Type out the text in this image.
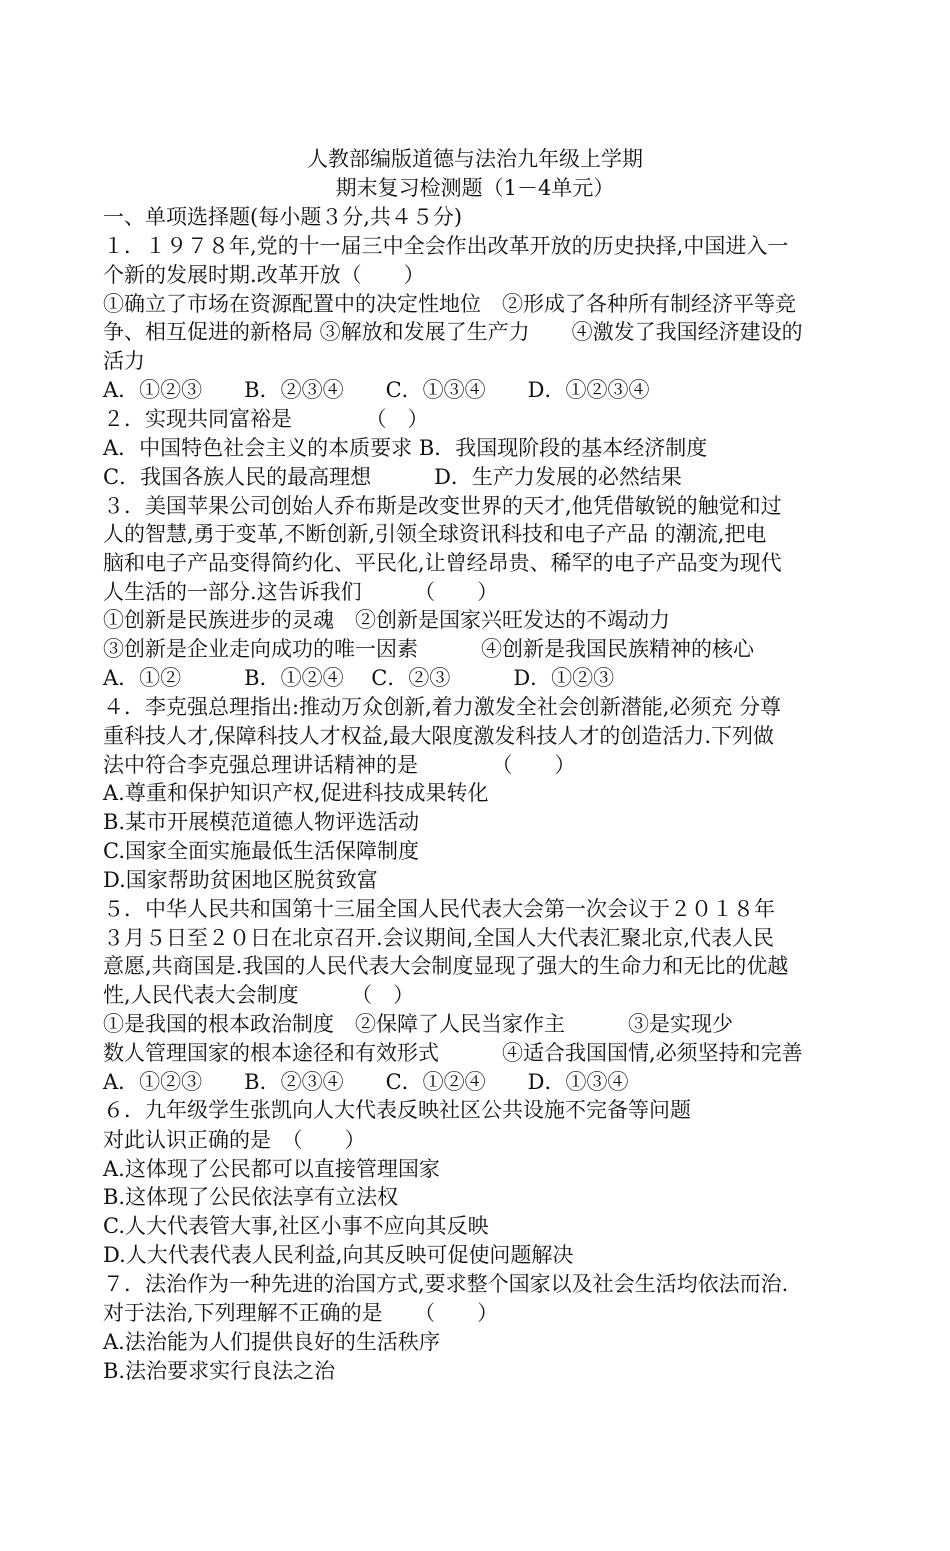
人教部编版道德与法治九年级上学期
期末复习检测题（1－4单元）
一、单项选择题(每小题３分,共４５分)
１．１９７８年,党的十一届三中全会作出改革开放的历史抉择,中国进入一
个新的发展时期.改革开放（　　）
①确立了市场在资源配置中的决定性地位　②形成了各种所有制经济平等竞
争、相互促进的新格局 ③解放和发展了生产力　　④激发了我国经济建设的
活力
A．①②③　　B．②③④　　C．①③④　　D．①②③④
２．实现共同富裕是　　　　（　）
A．中国特色社会主义的本质要求 B．我国现阶段的基本经济制度
C．我国各族人民的最高理想　　　D．生产力发展的必然结果
３．美国苹果公司创始人乔布斯是改变世界的天才,他凭借敏锐的触觉和过
人的智慧,勇于变革,不断创新,引领全球资讯科技和电子产品 的潮流,把电
脑和电子产品变得简约化、平民化,让曾经昂贵、稀罕的电子产品变为现代
人生活的一部分.这告诉我们　　　（　　）
①创新是民族进步的灵魂　②创新是国家兴旺发达的不竭动力
③创新是企业走向成功的唯一因素　　　④创新是我国民族精神的核心
A．①②　　　B．①②④　 C．②③　　　D．①②③
４．李克强总理指出:推动万众创新,着力激发全社会创新潜能,必须充 分尊
重科技人才,保障科技人才权益,最大限度激发科技人才的创造活力.下列做
法中符合李克强总理讲话精神的是　　　　（　　）
A.尊重和保护知识产权,促进科技成果转化
B.某市开展模范道德人物评选活动
C.国家全面实施最低生活保障制度
D.国家帮助贫困地区脱贫致富
５．中华人民共和国第十三届全国人民代表大会第一次会议于２０１８年
３月５日至２０日在北京召开.会议期间,全国人大代表汇聚北京,代表人民
意愿,共商国是.我国的人民代表大会制度显现了强大的生命力和无比的优越
性,人民代表大会制度　　　（　）
①是我国的根本政治制度　②保障了人民当家作主　　　③是实现少
数人管理国家的根本途径和有效形式　　　④适合我国国情,必须坚持和完善
A．①②③　　B．②③④　　C．①②④　　D．①③④
６．九年级学生张凯向人大代表反映社区公共设施不完备等问题
对此认识正确的是　（　　）
A.这体现了公民都可以直接管理国家
B.这体现了公民依法享有立法权
C.人大代表管大事,社区小事不应向其反映
D.人大代表代表人民利益,向其反映可促使问题解决
７．法治作为一种先进的治国方式,要求整个国家以及社会生活均依法而治.
对于法治,下列理解不正确的是　　（　　）
A.法治能为人们提供良好的生活秩序
B.法治要求实行良法之治
